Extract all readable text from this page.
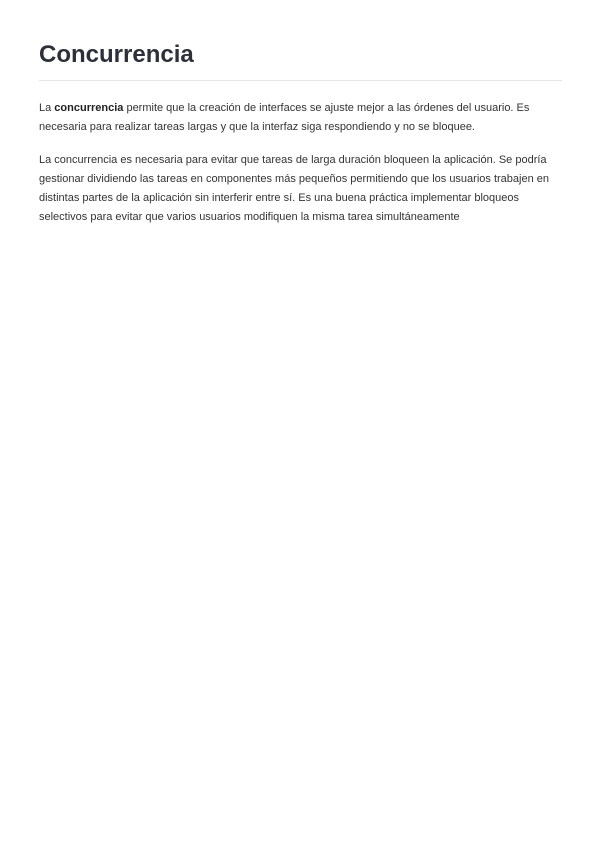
Concurrencia

La concurrencia permite que la creación de interfaces se ajuste mejor a las órdenes del usuario. Es necesaria para realizar tareas largas y que la interfaz siga respondiendo y no se bloquee.

La concurrencia es necesaria para evitar que tareas de larga duración bloqueen la aplicación. Se podría gestionar dividiendo las tareas en componentes más pequeños permitiendo que los usuarios trabajen en distintas partes de la aplicación sin interferir entre sí. Es una buena práctica implementar bloqueos selectivos para evitar que varios usuarios modifiquen la misma tarea simultáneamente
